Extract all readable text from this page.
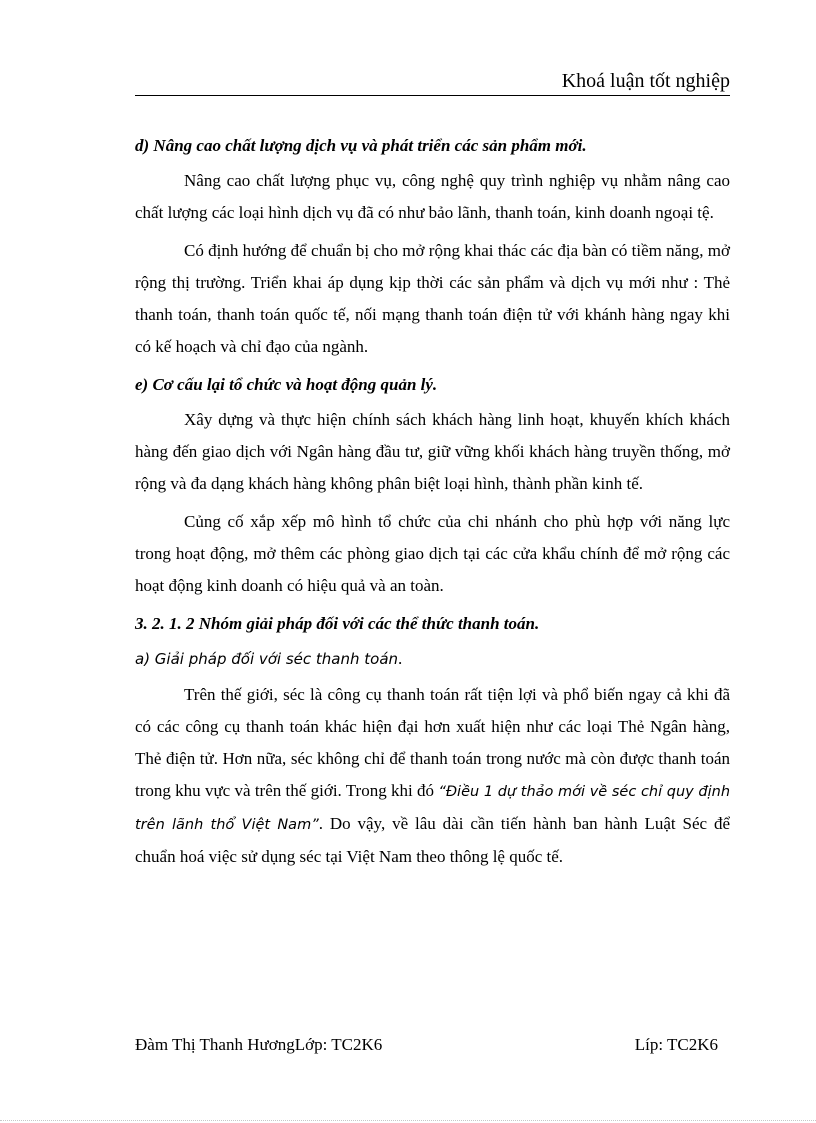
Khoá luận tốt nghiệp

d) Nâng cao chất lượng dịch vụ và phát triển các sản phẩm mới.

Nâng cao chất lượng phục vụ, công nghệ quy trình nghiệp vụ nhằm nâng cao chất lượng các loại hình dịch vụ đã có như bảo lãnh, thanh toán, kinh doanh ngoại tệ.

Có định hướng để chuẩn bị cho mở rộng khai thác các địa bàn có tiềm năng, mở rộng thị trường. Triển khai áp dụng kịp thời các sản phẩm và dịch vụ mới như : Thẻ thanh toán, thanh toán quốc tế, nối mạng thanh toán điện tử với khánh hàng ngay khi có kế hoạch và chỉ đạo của ngành.

e) Cơ cấu lại tổ chức và hoạt động quản lý.

Xây dựng và thực hiện chính sách khách hàng linh hoạt, khuyến khích khách hàng đến giao dịch với Ngân hàng đầu tư, giữ vững khối khách hàng truyền thống, mở rộng và đa dạng khách hàng không phân biệt loại hình, thành phần kinh tế.

Củng cố xắp xếp mô hình tổ chức của chi nhánh cho phù hợp với năng lực trong hoạt động, mở thêm các phòng giao dịch tại các cửa khẩu chính để mở rộng các hoạt động kinh doanh có hiệu quả và an toàn.

3. 2. 1. 2 Nhóm giải pháp đối với các thể thức thanh toán.

a) Giải pháp đối với séc thanh toán.

Trên thế giới, séc là công cụ thanh toán rất tiện lợi và phổ biến ngay cả khi đã có các công cụ thanh toán khác hiện đại hơn xuất hiện như các loại Thẻ Ngân hàng, Thẻ điện tử. Hơn nữa, séc không chỉ để thanh toán trong nước mà còn được thanh toán trong khu vực và trên thế giới. Trong khi đó “Điều 1 dự thảo mới về séc chỉ quy định trên lãnh thổ Việt Nam”. Do vậy, về lâu dài cần tiến hành ban hành Luật Séc để chuẩn hoá việc sử dụng séc tại Việt Nam theo thông lệ quốc tế.

Đàm Thị Thanh HươngLớp: TC2K6	Líp: TC2K6
